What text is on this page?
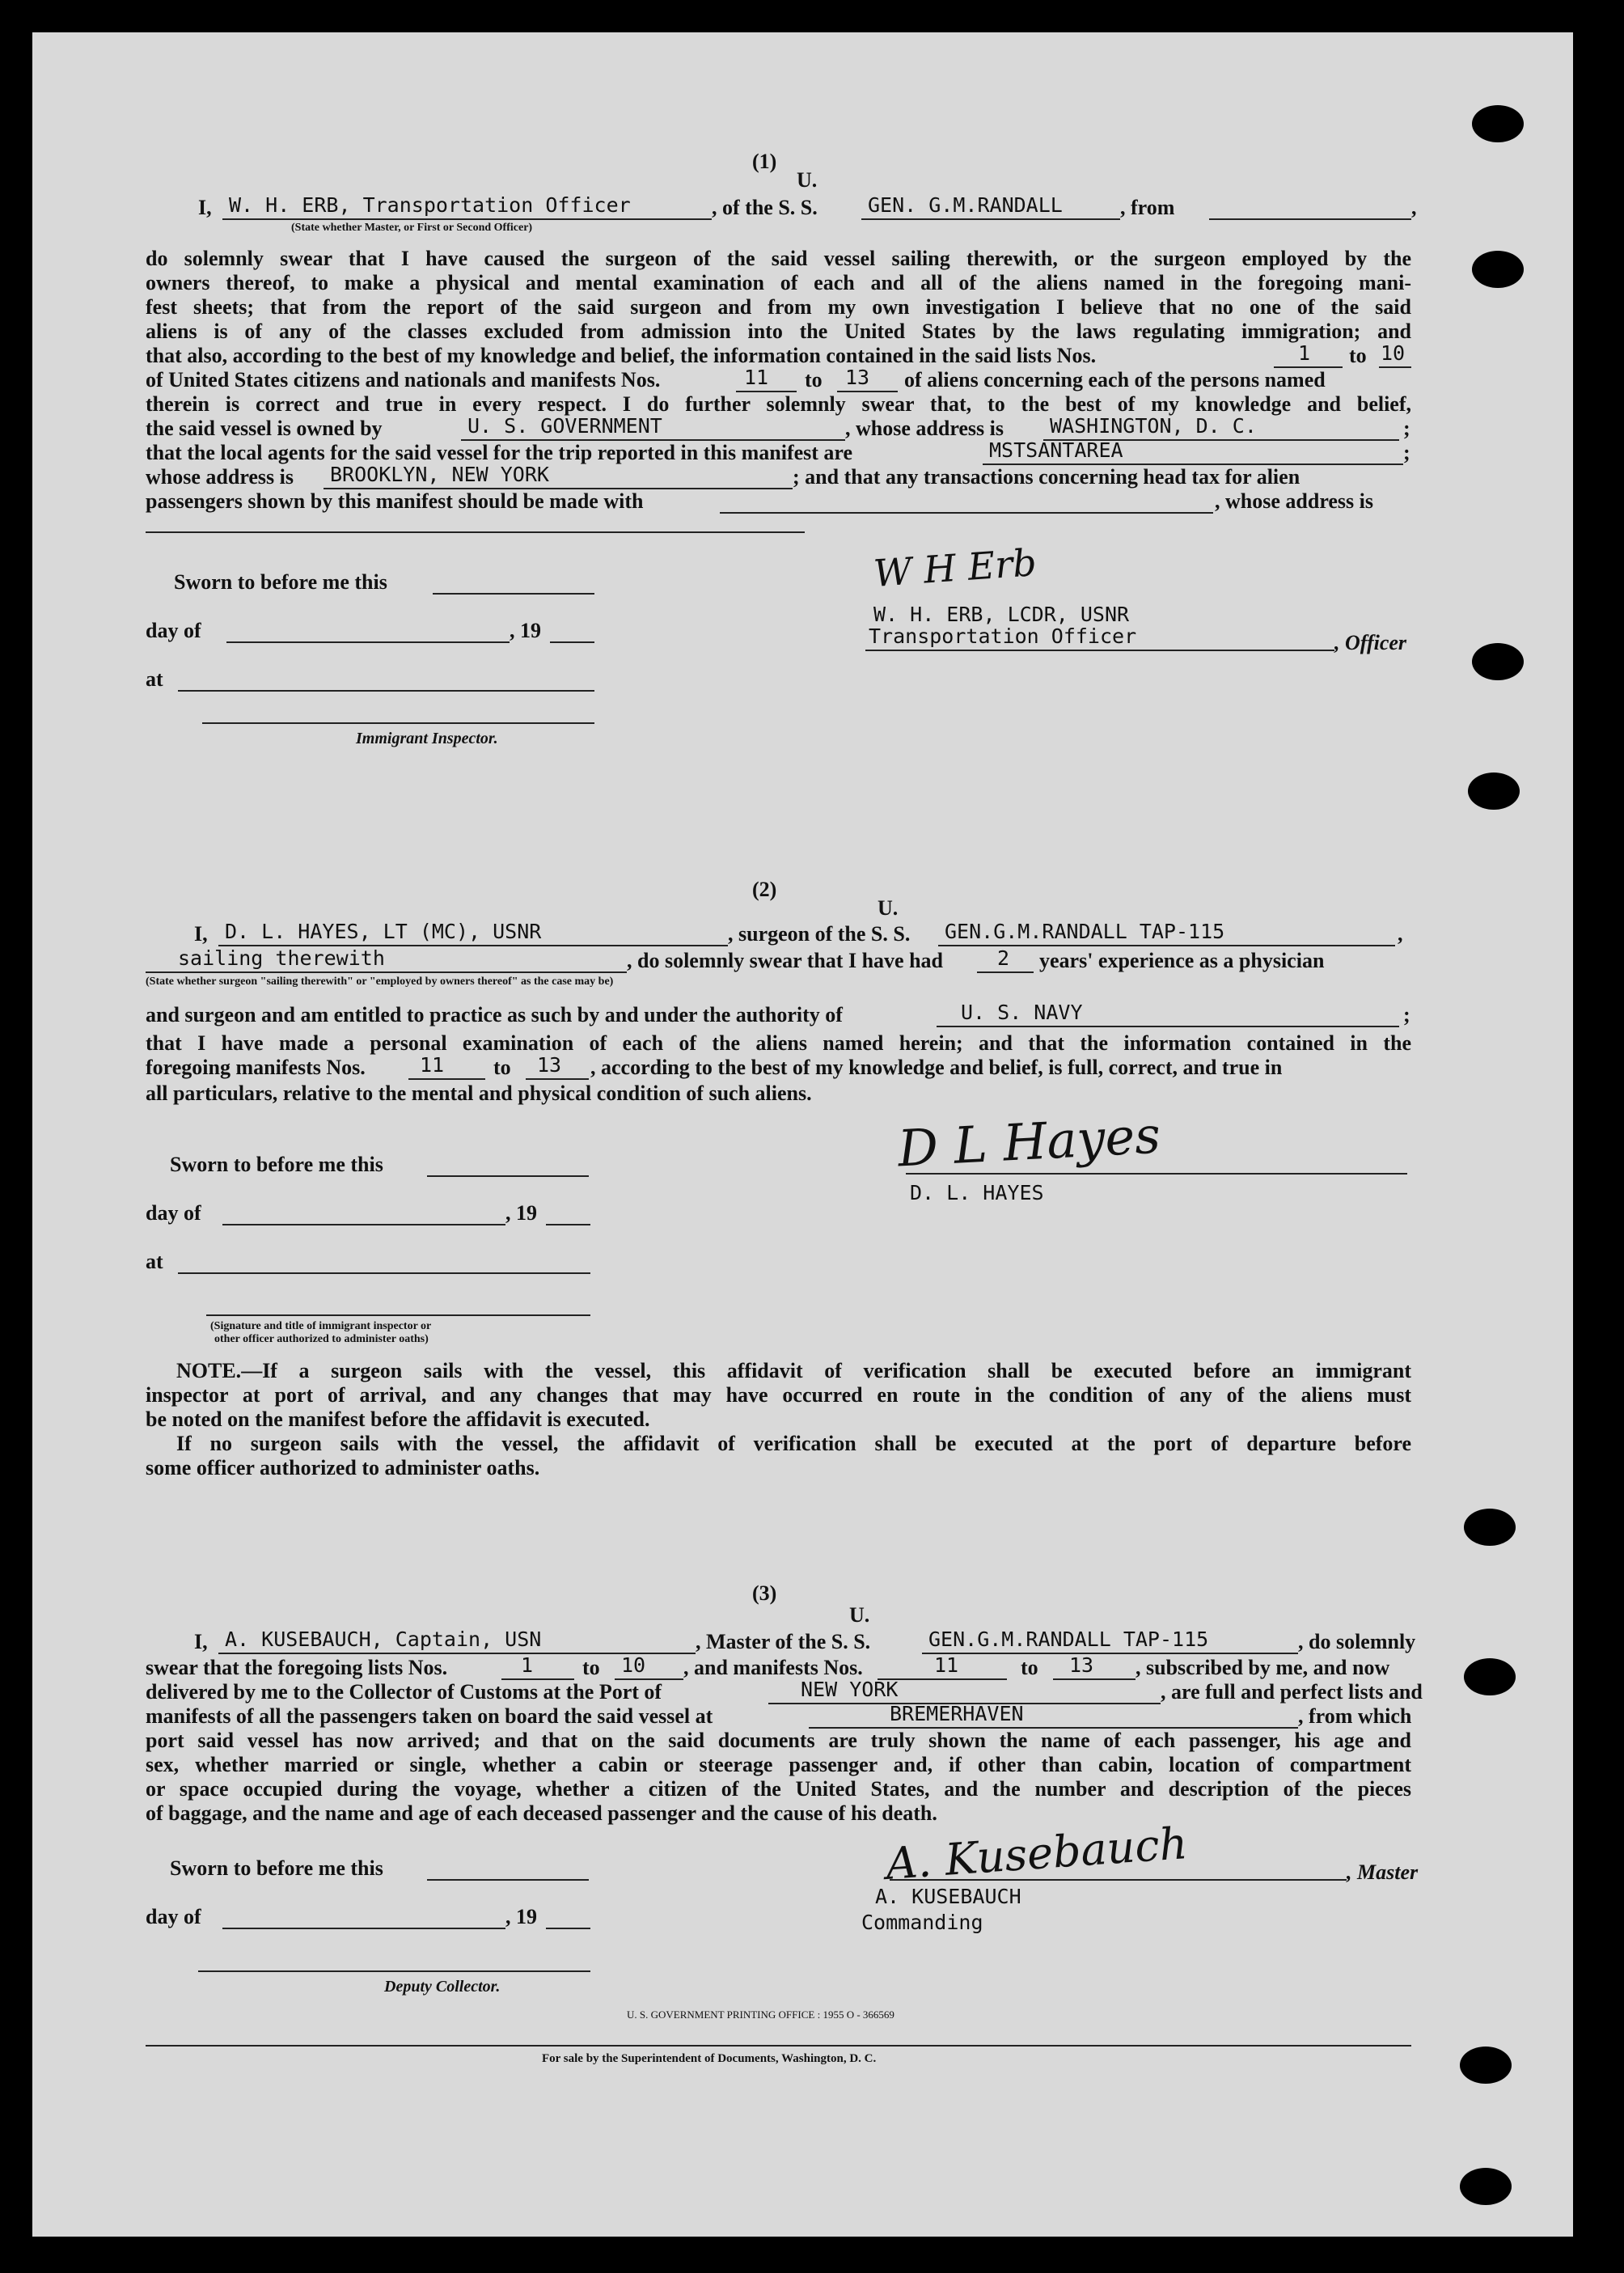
(1)
U.
I, W. H. ERB, Transportation Officer
(State whether Master, or First or Second Officer)
, of the S. S. GEN. G.M.RANDALL	, from	,
do solemnly swear that I have caused the surgeon of the said vessel sailing therewith, or the surgeon employed by the
owners thereof, to make a physical and mental examination of each and all of the aliens named in the foregoing mani-
fest sheets; that from the report of the said surgeon and from my own investigation I believe that no one of the said
aliens is of any of the classes excluded from admission into the United States by the laws regulating immigration; and
that also, according to the best of my knowledge and belief, the information contained in the said lists Nos.	1 to 10
of United States citizens and nationals and manifests Nos.	11 to 13 of aliens concerning each of the persons named
therein is correct and true in every respect. I do further solemnly swear that, to the best of my knowledge and belief,
the said vessel is owned by	U. S. GOVERNMENT	, whose address is WASHINGTON, D. C.	;
that the local agents for the said vessel for the trip reported in this manifest are	MSTSANTAREA	;
whose address is BROOKLYN, NEW YORK	; and that any transactions concerning head tax for alien
passengers shown by this manifest should be made with	, whose address is
Sworn to before me this
day of	, 19
at
Immigrant Inspector.
W H Erb
W. H. ERB, LCDR, USNR
Transportation Officer	, Officer
(2)
U.
I, D. L. HAYES, LT (MC), USNR	, surgeon of the S. S. GEN.G.M.RANDALL TAP-115	,
sailing therewith	, do solemnly swear that I have had	2 years' experience as a physician
(State whether surgeon "sailing therewith" or "employed by owners thereof" as the case may be)
and surgeon and am entitled to practice as such by and under the authority of	U. S. NAVY	;
that I have made a personal examination of each of the aliens named herein; and that the information contained in the
foregoing manifests Nos.	11 to 13 , according to the best of my knowledge and belief, is full, correct, and true in
all particulars, relative to the mental and physical condition of such aliens.
Sworn to before me this
day of	, 19
at
(Signature and title of immigrant inspector or
other officer authorized to administer oaths)
D L Hayes
D. L. HAYES
NOTE.—If a surgeon sails with the vessel, this affidavit of verification shall be executed before an immigrant
inspector at port of arrival, and any changes that may have occurred en route in the condition of any of the aliens must
be noted on the manifest before the affidavit is executed.
If no surgeon sails with the vessel, the affidavit of verification shall be executed at the port of departure before
some officer authorized to administer oaths.
(3)
U.
I, A. KUSEBAUCH, Captain, USN	, Master of the S. S.	GEN.G.M.RANDALL TAP-115	, do solemnly
swear that the foregoing lists Nos.	1 to 10 , and manifests Nos.	11	to 13 , subscribed by me, and now
delivered by me to the Collector of Customs at the Port of	NEW YORK	, are full and perfect lists and
manifests of all the passengers taken on board the said vessel at	BREMERHAVEN	, from which
port said vessel has now arrived; and that on the said documents are truly shown the name of each passenger, his age and
sex, whether married or single, whether a cabin or steerage passenger and, if other than cabin, location of compartment
or space occupied during the voyage, whether a citizen of the United States, and the number and description of the pieces
of baggage, and the name and age of each deceased passenger and the cause of his death.
Sworn to before me this
day of	, 19
Deputy Collector.
A. Kusebauch	, Master
A. KUSEBAUCH
Commanding
U. S. GOVERNMENT PRINTING OFFICE : 1955 O - 366569
For sale by the Superintendent of Documents, Washington, D. C.
